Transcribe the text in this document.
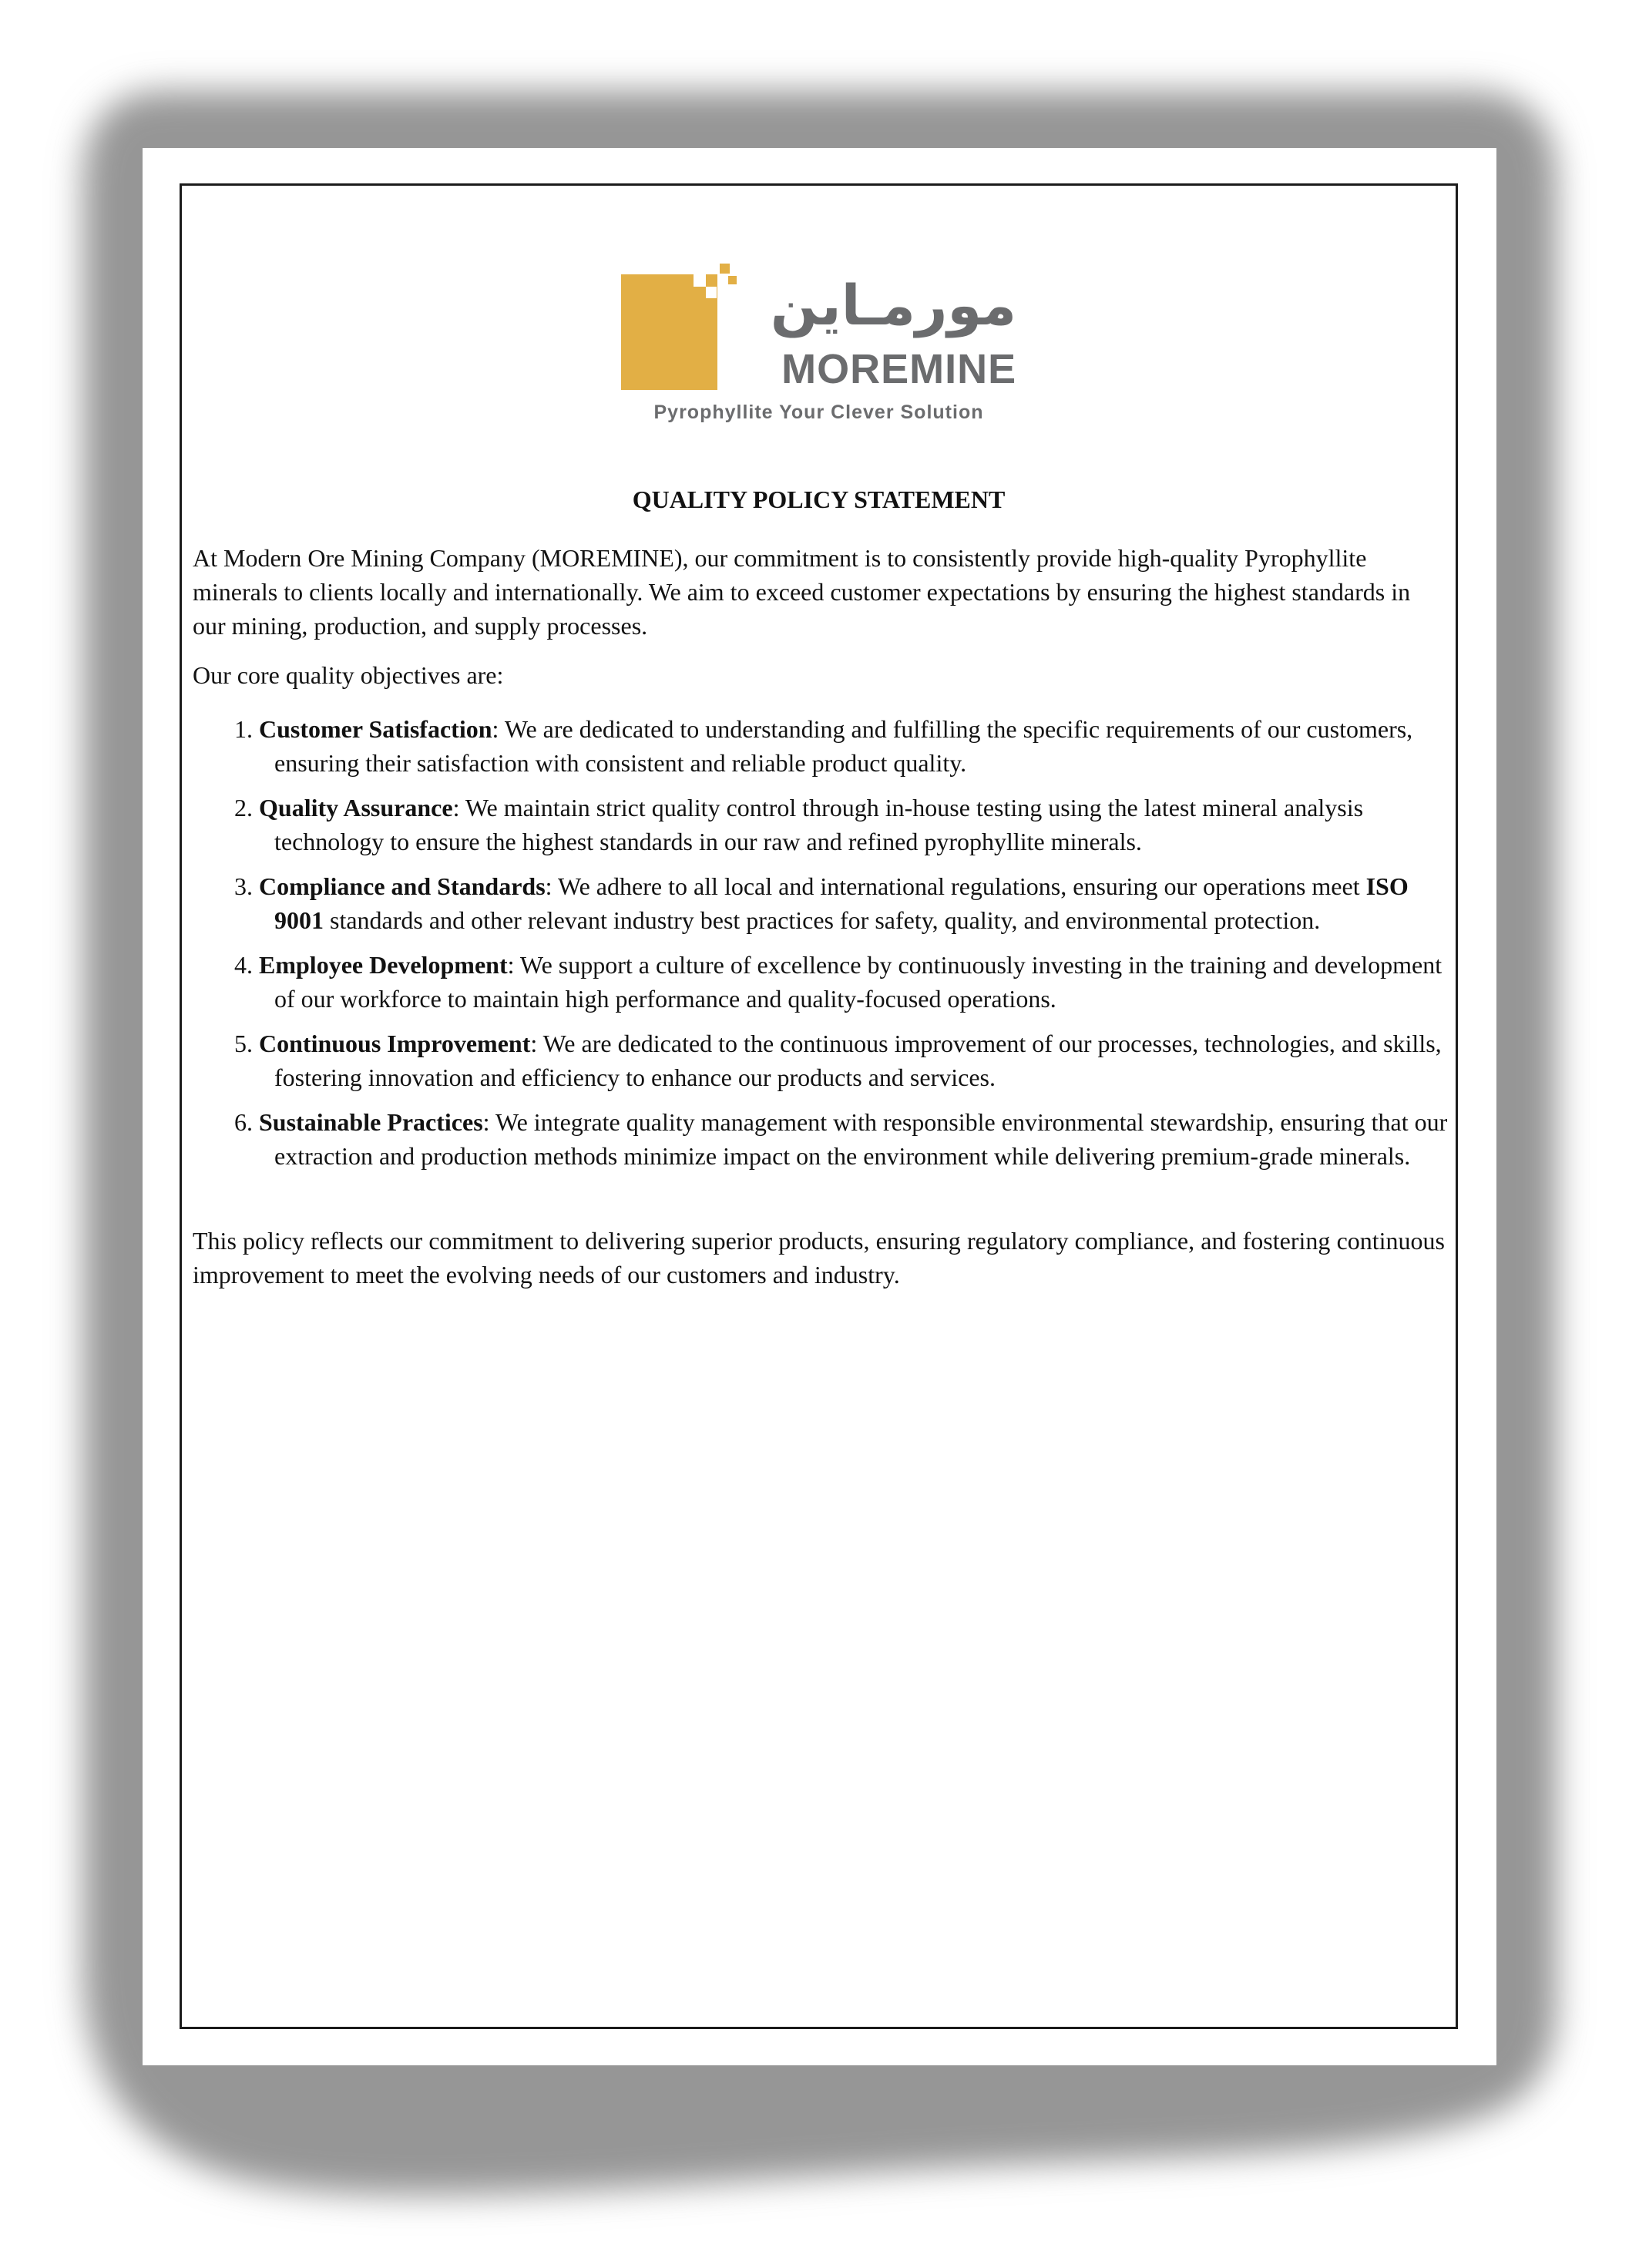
مورمـاين
MOREMINE
Pyrophyllite Your Clever Solution
QUALITY POLICY STATEMENT

At Modern Ore Mining Company (MOREMINE), our commitment is to consistently provide high-quality Pyrophyllite minerals to clients locally and internationally. We aim to exceed customer expectations by ensuring the highest standards in our mining, production, and supply processes.

Our core quality objectives are:

1. Customer Satisfaction: We are dedicated to understanding and fulfilling the specific requirements of our customers, ensuring their satisfaction with consistent and reliable product quality.
2. Quality Assurance: We maintain strict quality control through in-house testing using the latest mineral analysis technology to ensure the highest standards in our raw and refined pyrophyllite minerals.
3. Compliance and Standards: We adhere to all local and international regulations, ensuring our operations meet ISO 9001 standards and other relevant industry best practices for safety, quality, and environmental protection.
4. Employee Development: We support a culture of excellence by continuously investing in the training and development of our workforce to maintain high performance and quality-focused operations.
5. Continuous Improvement: We are dedicated to the continuous improvement of our processes, technologies, and skills, fostering innovation and efficiency to enhance our products and services.
6. Sustainable Practices: We integrate quality management with responsible environmental stewardship, ensuring that our extraction and production methods minimize impact on the environment while delivering premium-grade minerals.

This policy reflects our commitment to delivering superior products, ensuring regulatory compliance, and fostering continuous improvement to meet the evolving needs of our customers and industry.
